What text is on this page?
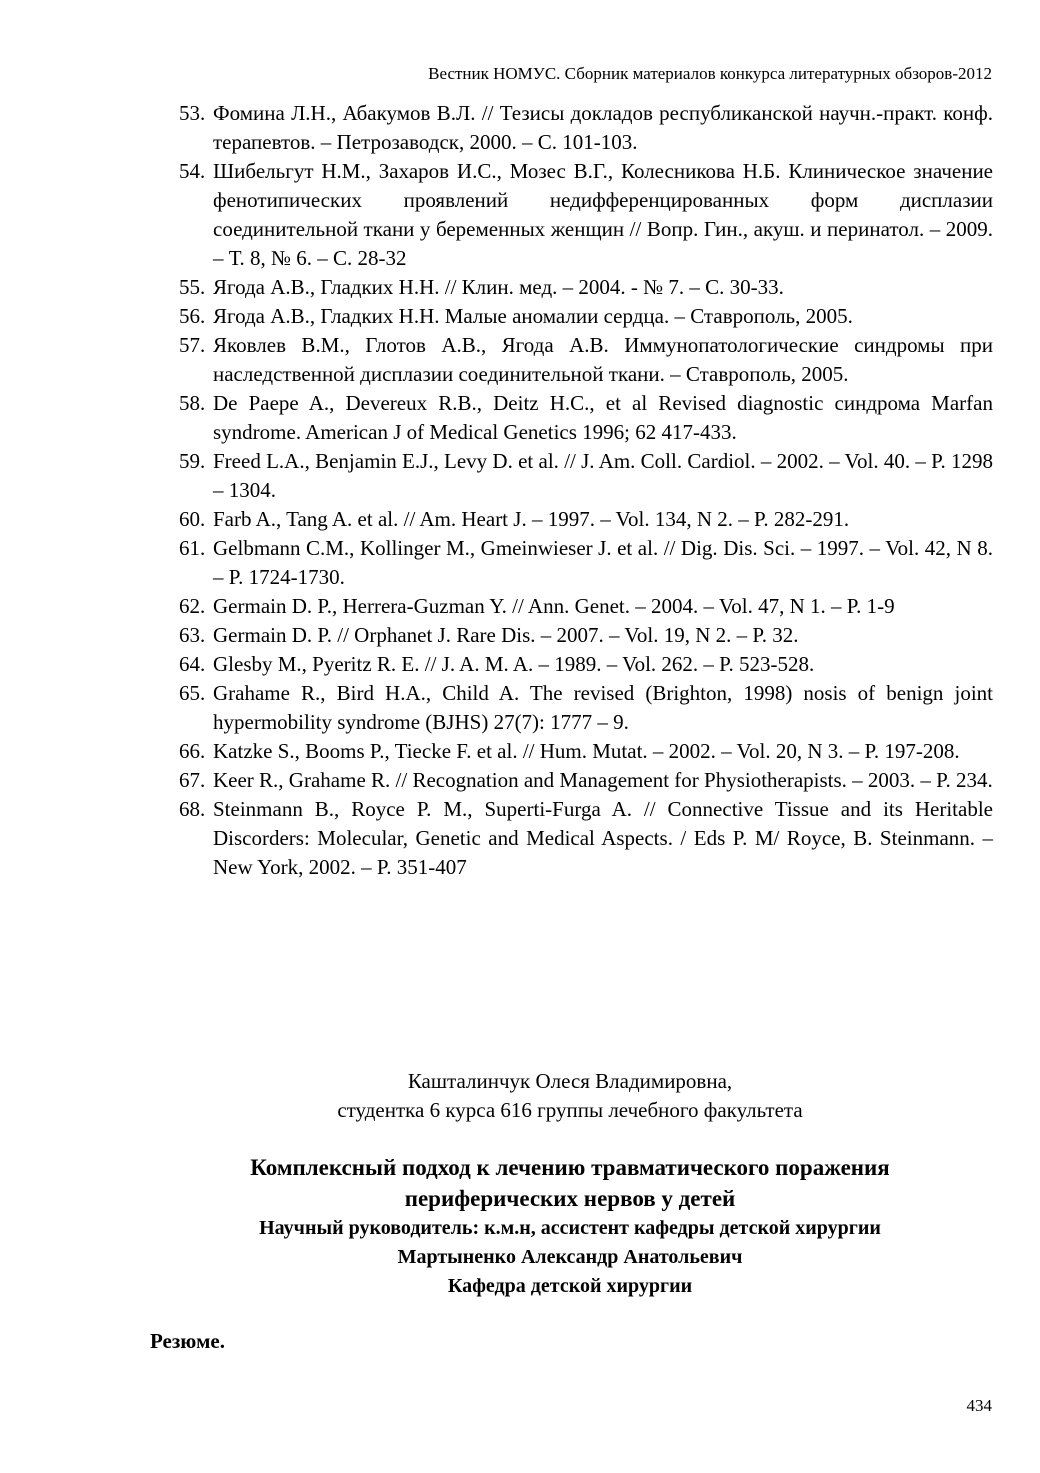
Вестник НОМУС. Сборник материалов конкурса литературных обзоров-2012
53. Фомина Л.Н., Абакумов В.Л. // Тезисы докладов республиканской научн.-практ. конф. терапевтов. – Петрозаводск, 2000. – С. 101-103.
54. Шибельгут Н.М., Захаров И.С., Мозес В.Г., Колесникова Н.Б. Клиническое значение фенотипических проявлений недифференцированных форм дисплазии соединительной ткани у беременных женщин // Вопр. Гин., акуш. и перинатол. – 2009. – Т. 8, № 6. – С. 28-32
55. Ягода А.В., Гладких Н.Н. // Клин. мед. – 2004. - № 7. – С. 30-33.
56. Ягода А.В., Гладких Н.Н. Малые аномалии сердца. – Ставрополь, 2005.
57. Яковлев В.М., Глотов А.В., Ягода А.В. Иммунопатологические синдромы при наследственной дисплазии соединительной ткани. – Ставрополь, 2005.
58. De Paepe A., Devereux R.B., Deitz H.C., et al Revised diagnostic синдрома Marfan syndrome. American J of Medical Genetics 1996; 62 417-433.
59. Freed L.A., Benjamin E.J., Levy D. et al. // J. Am. Coll. Cardiol. – 2002. – Vol. 40. – P. 1298 – 1304.
60. Farb A., Tang A. et al. // Am. Heart J. – 1997. – Vol. 134, N 2. – P. 282-291.
61. Gelbmann C.M., Kollinger M., Gmeinwieser J. et al. // Dig. Dis. Sci. – 1997. – Vol. 42, N 8. – P. 1724-1730.
62. Germain D. P., Herrera-Guzman Y. // Ann. Genet. – 2004. – Vol. 47, N 1. – P. 1-9
63. Germain D. P. // Orphanet J. Rare Dis. – 2007. – Vol. 19, N 2. – P. 32.
64. Glesby M., Pyeritz R. E. // J. A. M. A. – 1989. – Vol. 262. – P. 523-528.
65. Grahame R., Bird H.A., Child A. The revised (Brighton, 1998) nosis of benign joint hypermobility syndrome (BJHS) 27(7): 1777 – 9.
66. Katzke S., Booms P., Tiecke F. et al. // Hum. Mutat. – 2002. – Vol. 20, N 3. – P. 197-208.
67. Keer R., Grahame R. // Recognation and Management for Physiotherapists. – 2003. – P. 234.
68. Steinmann B., Royce P. M., Superti-Furga A. // Connective Tissue and its Heritable Discorders: Molecular, Genetic and Medical Aspects. / Eds P. M/ Royce, B. Steinmann. – New York, 2002. – P. 351-407
Кашталинчук Олеся Владимировна,
студентка 6 курса 616 группы лечебного факультета
Комплексный подход к лечению травматического поражения
периферических нервов у детей
Научный руководитель: к.м.н, ассистент кафедры детской хирургии
Мартыненко Александр Анатольевич
Кафедра детской хирургии
Резюме.
434
